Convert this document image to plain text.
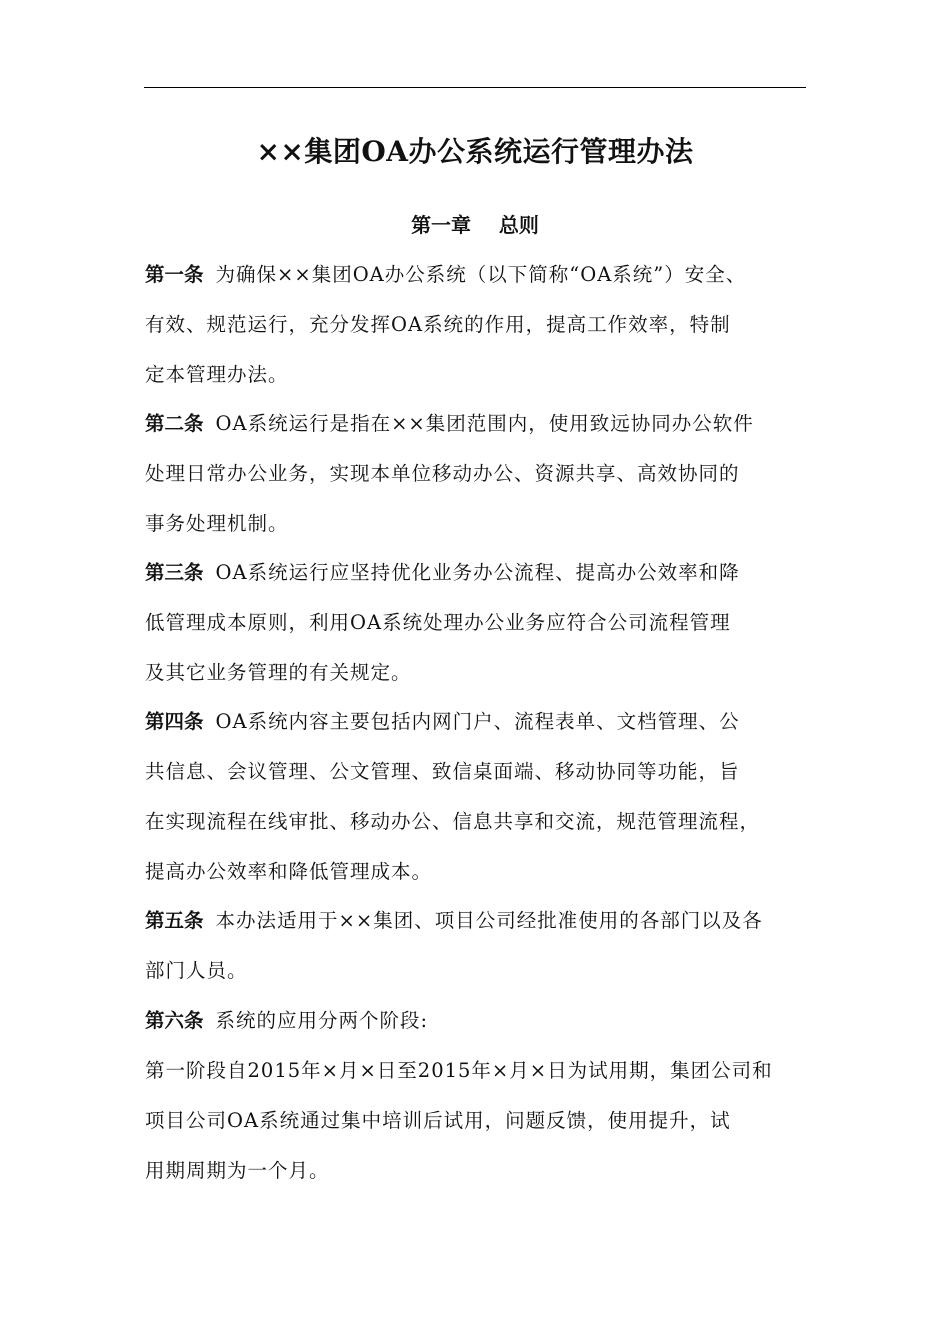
××集团OA办公系统运行管理办法
第一章    总则
第一条 为确保××集团OA办公系统（以下简称“OA系统”）安全、
有效、规范运行，充分发挥OA系统的作用，提高工作效率，特制
定本管理办法。
第二条 OA系统运行是指在××集团范围内，使用致远协同办公软件
处理日常办公业务，实现本单位移动办公、资源共享、高效协同的
事务处理机制。
第三条 OA系统运行应坚持优化业务办公流程、提高办公效率和降
低管理成本原则，利用OA系统处理办公业务应符合公司流程管理
及其它业务管理的有关规定。
第四条 OA系统内容主要包括内网门户、流程表单、文档管理、公
共信息、会议管理、公文管理、致信桌面端、移动协同等功能，旨
在实现流程在线审批、移动办公、信息共享和交流，规范管理流程，
提高办公效率和降低管理成本。
第五条 本办法适用于××集团、项目公司经批准使用的各部门以及各
部门人员。
第六条 系统的应用分两个阶段:
第一阶段自2015年×月×日至2015年×月×日为试用期，集团公司和
项目公司OA系统通过集中培训后试用，问题反馈，使用提升，试
用期周期为一个月。
